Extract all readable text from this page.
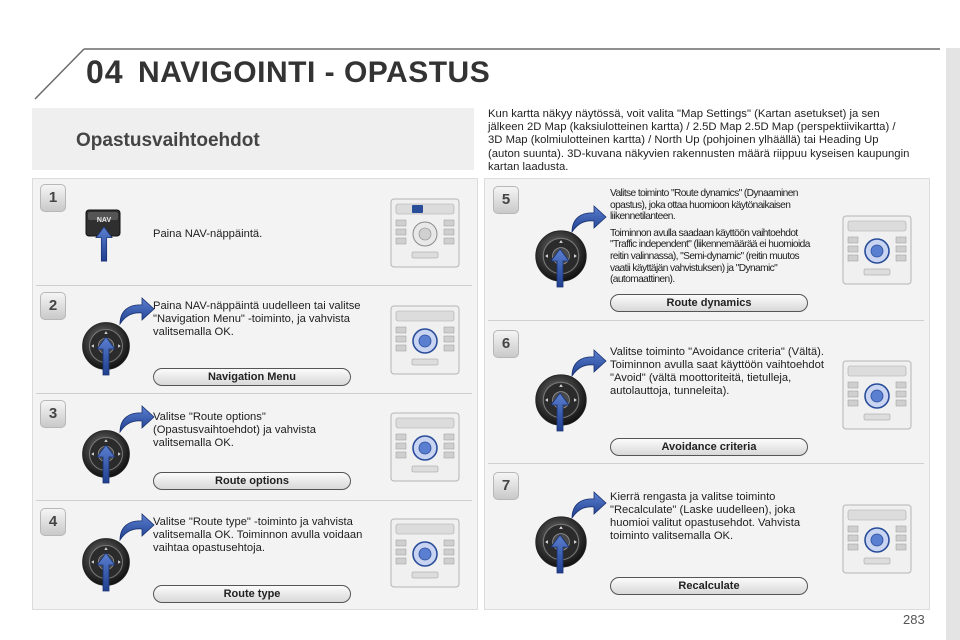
04 NAVIGOINTI - OPASTUS
Opastusvaihtoehdot
Kun kartta näkyy näytössä, voit valita "Map Settings" (Kartan asetukset) ja sen jälkeen 2D Map (kaksiulotteinen kartta) / 2.5D Map 2.5D Map (perspektiivikartta) / 3D Map (kolmiulotteinen kartta) / North Up (pohjoinen ylhäällä) tai Heading Up (auton suunta). 3D-kuvana näkyvien rakennusten määrä riippuu kyseisen kaupungin kartan laadusta.
1
NAV
Paina NAV-näppäintä.
2	Paina NAV-näppäintä uudelleen tai valitse "Navigation Menu" -toiminto, ja vahvista valitsemalla OK.
Navigation Menu
3	Valitse "Route options" (Opastusvaihtoehdot) ja vahvista valitsemalla OK.
Route options
4	Valitse "Route type" -toiminto ja vahvista valitsemalla OK. Toiminnon avulla voidaan vaihtaa opastusehtoja.
Route type
5	Valitse toiminto "Route dynamics" (Dynaaminen opastus), joka ottaa huomioon käytönaikaisen liikennetilanteen.

Toiminnon avulla saadaan käyttöön vaihtoehdot "Traffic independent" (liikennemäärää ei huomioida reitin valinnassa), "Semi-dynamic" (reitin muutos vaatii käyttäjän vahvistuksen) ja "Dynamic" (automaattinen).

Route dynamics
6	Valitse toiminto "Avoidance criteria" (Vältä). Toiminnon avulla saat käyttöön vaihtoehdot "Avoid" (vältä moottoriteitä, tietulleja, autolauttoja, tunneleita).
Avoidance criteria
7
Kierrä rengasta ja valitse toiminto "Recalculate" (Laske uudelleen), joka huomioi valitut opastusehdot. Vahvista toiminto valitsemalla OK.
Recalculate
283
